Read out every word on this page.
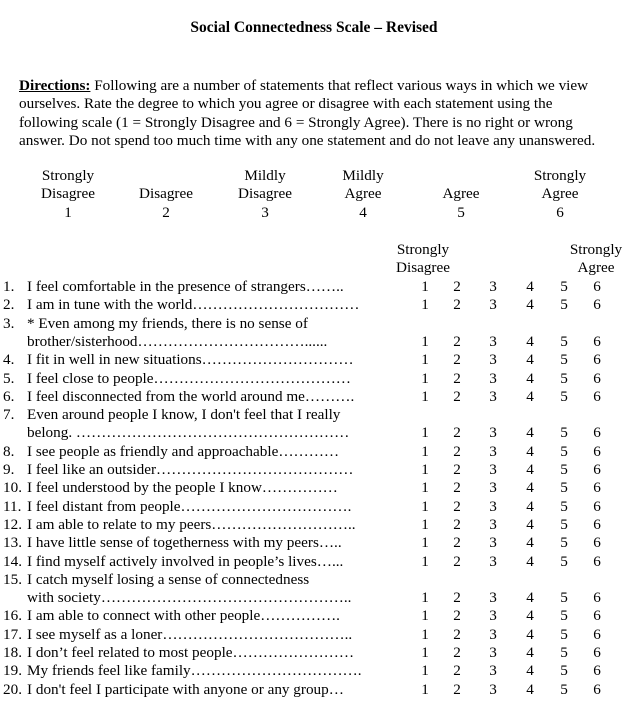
Social Connectedness Scale – Revised
Directions: Following are a number of statements that reflect various ways in which we view
ourselves. Rate the degree to which you agree or disagree with each statement using the
following scale (1 = Strongly Disagree and 6 = Strongly Agree). There is no right or wrong
answer. Do not spend too much time with any one statement and do not leave any unanswered.
Strongly
Disagree
1
Disagree
2
Mildly
Disagree
3
Mildly
Agree
4
Agree
5
Strongly
Agree
6
Strongly
Disagree
Strongly
Agree
1. I feel comfortable in the presence of strangers……..	1 2 3 4 5 6
2. I am in tune with the world……………………………	1 2 3 4 5 6
3. * Even among my friends, there is no sense of
brother/sisterhood……………………………......	1 2 3 4 5 6
4. I fit in well in new situations…………………………	1 2 3 4 5 6
5. I feel close to people…………………………………	1 2 3 4 5 6
6. I feel disconnected from the world around me……….	1 2 3 4 5 6
7. Even around people I know, I don't feel that I really
belong. ………………………………………………	1 2 3 4 5 6
8. I see people as friendly and approachable…………	1 2 3 4 5 6
9. I feel like an outsider…………………………………	1 2 3 4 5 6
10. I feel understood by the people I know……………	1 2 3 4 5 6
11. I feel distant from people…………………………….	1 2 3 4 5 6
12. I am able to relate to my peers………………………..	1 2 3 4 5 6
13. I have little sense of togetherness with my peers…..	1 2 3 4 5 6
14. I find myself actively involved in people’s lives…...	1 2 3 4 5 6
15. I catch myself losing a sense of connectedness
with society…………………………………………..	1 2 3 4 5 6
16. I am able to connect with other people…………….	1 2 3 4 5 6
17. I see myself as a loner………………………………..	1 2 3 4 5 6
18. I don’t feel related to most people……………………	1 2 3 4 5 6
19. My friends feel like family…………………………….	1 2 3 4 5 6
20. I don't feel I participate with anyone or any group…	1 2 3 4 5 6
